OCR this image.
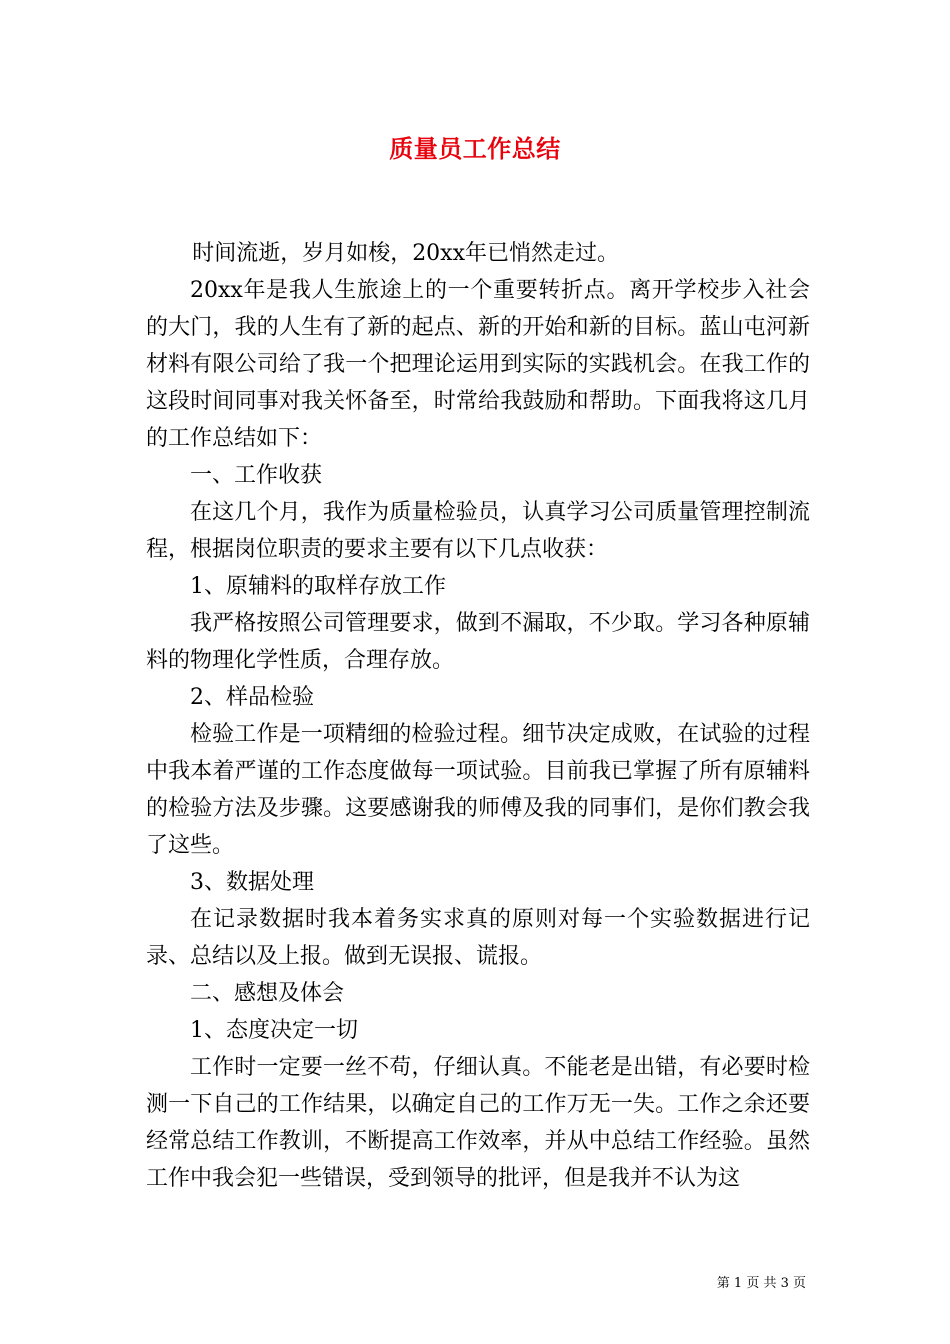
质量员工作总结

时间流逝，岁月如梭，20xx年已悄然走过。

20xx年是我人生旅途上的一个重要转折点。离开学校步入社会的大门，我的人生有了新的起点、新的开始和新的目标。蓝山屯河新材料有限公司给了我一个把理论运用到实际的实践机会。在我工作的这段时间同事对我关怀备至，时常给我鼓励和帮助。下面我将这几月的工作总结如下：

一、工作收获

在这几个月，我作为质量检验员，认真学习公司质量管理控制流程，根据岗位职责的要求主要有以下几点收获：

1、原辅料的取样存放工作

我严格按照公司管理要求，做到不漏取，不少取。学习各种原辅料的物理化学性质，合理存放。

2、样品检验

检验工作是一项精细的检验过程。细节决定成败，在试验的过程中我本着严谨的工作态度做每一项试验。目前我已掌握了所有原辅料的检验方法及步骤。这要感谢我的师傅及我的同事们，是你们教会我了这些。

3、数据处理

在记录数据时我本着务实求真的原则对每一个实验数据进行记录、总结以及上报。做到无误报、谎报。

二、感想及体会

1、态度决定一切

工作时一定要一丝不苟，仔细认真。不能老是出错，有必要时检测一下自己的工作结果，以确定自己的工作万无一失。工作之余还要经常总结工作教训，不断提高工作效率，并从中总结工作经验。虽然工作中我会犯一些错误，受到领导的批评，但是我并不认为这

第 1 页 共 3 页
